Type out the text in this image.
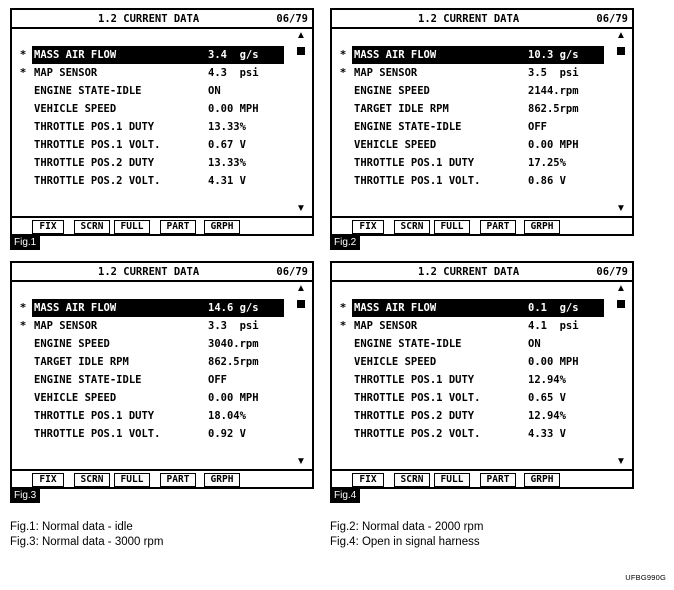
1.2 CURRENT DATA	06/79
* MASS AIR FLOW	3.4  g/s
* MAP SENSOR	4.3  psi
ENGINE STATE-IDLE	ON
VEHICLE SPEED	0.00 MPH
THROTTLE POS.1 DUTY	13.33%
THROTTLE POS.1 VOLT.	0.67 V
THROTTLE POS.2 DUTY	13.33%
THROTTLE POS.2 VOLT.	4.31 V
▲
▼
FIX	SCRN	FULL	PART	GRPH
Fig.1
1.2 CURRENT DATA	06/79
* MASS AIR FLOW	10.3 g/s
* MAP SENSOR	3.5  psi
ENGINE SPEED	2144.rpm
TARGET IDLE RPM	862.5rpm
ENGINE STATE-IDLE	OFF
VEHICLE SPEED	0.00 MPH
THROTTLE POS.1 DUTY	17.25%
THROTTLE POS.1 VOLT.	0.86 V
▲
▼
FIX	SCRN	FULL	PART	GRPH
Fig.2
1.2 CURRENT DATA	06/79
* MASS AIR FLOW	14.6 g/s
* MAP SENSOR	3.3  psi
ENGINE SPEED	3040.rpm
TARGET IDLE RPM	862.5rpm
ENGINE STATE-IDLE	OFF
VEHICLE SPEED	0.00 MPH
THROTTLE POS.1 DUTY	18.04%
THROTTLE POS.1 VOLT.	0.92 V
▲
▼
FIX	SCRN	FULL	PART	GRPH
Fig.3
1.2 CURRENT DATA	06/79
* MASS AIR FLOW	0.1  g/s
* MAP SENSOR	4.1  psi
ENGINE STATE-IDLE	ON
VEHICLE SPEED	0.00 MPH
THROTTLE POS.1 DUTY	12.94%
THROTTLE POS.1 VOLT.	0.65 V
THROTTLE POS.2 DUTY	12.94%
THROTTLE POS.2 VOLT.	4.33 V
▲
▼
FIX	SCRN	FULL	PART	GRPH
Fig.4
Fig.1: Normal data - idle
Fig.3: Normal data - 3000 rpm
Fig.2: Normal data - 2000 rpm
Fig.4: Open in signal harness
UFBG990G
